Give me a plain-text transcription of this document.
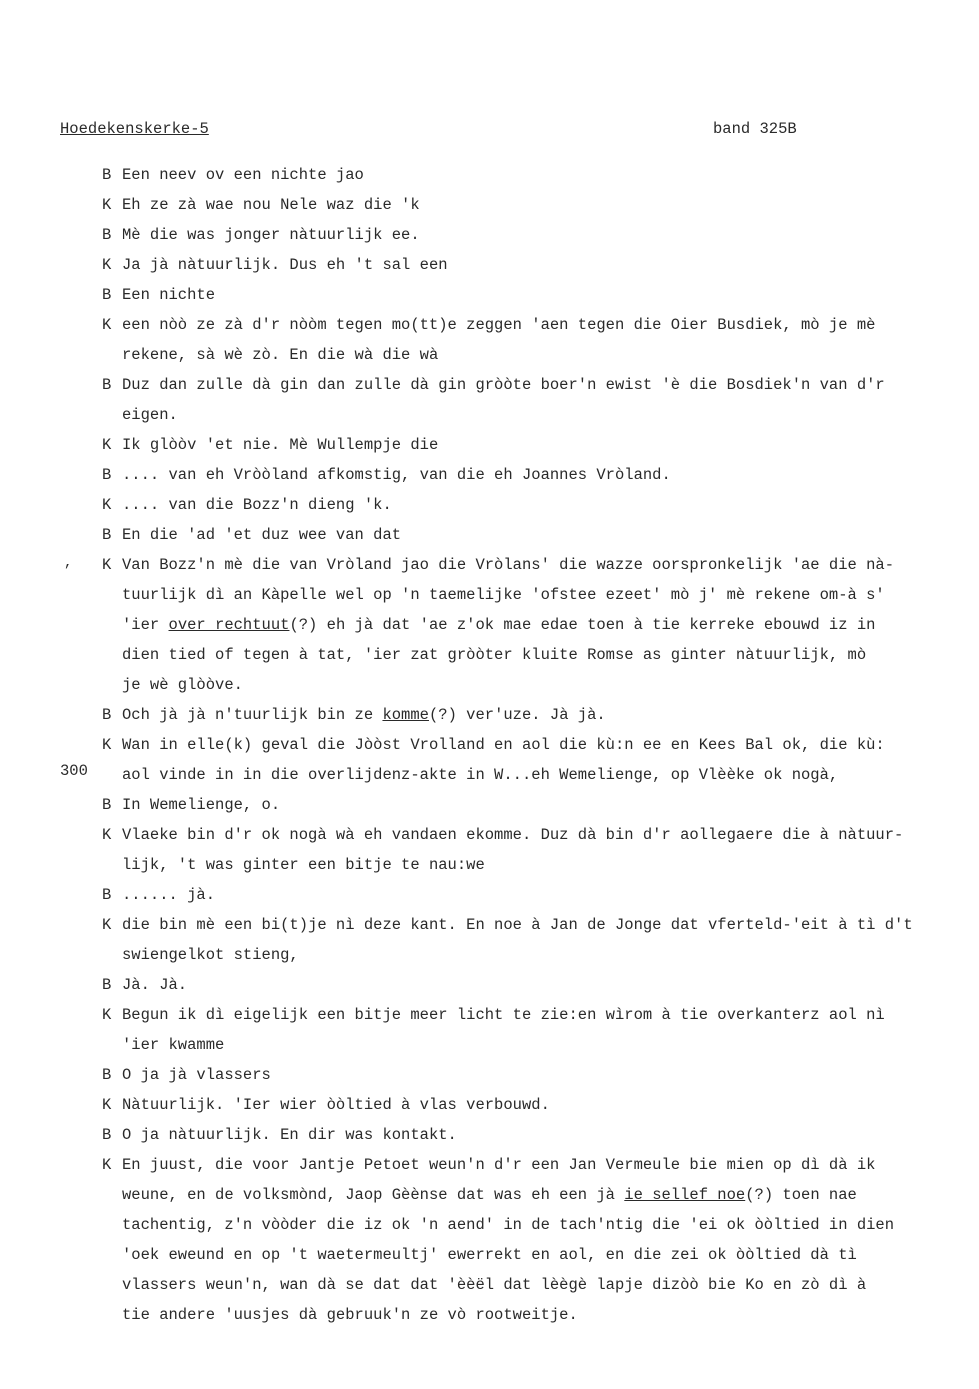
Hoedekenskerke-5	band 325B
,
300
B Een neev ov een nichte jao
K Eh ze zà wae nou Nele waz die 'k
B Mè die was jonger nàtuurlijk ee.
K Ja jà nàtuurlijk. Dus eh 't sal een
B Een nichte
K een nòò ze zà d'r nòòm tegen mo(tt)e zeggen 'aen tegen die Oier Busdiek, mò je mè
rekene, sà wè zò. En die wà die wà
B Duz dan zulle dà gin dan zulle dà gin gròòte boer'n ewist 'è die Bosdiek'n van d'r
eigen.
K Ik glòòv 'et nie. Mè Wullempje die
B .... van eh Vròòland afkomstig, van die eh Joannes Vròland.
K .... van die Bozz'n dieng 'k.
B En die 'ad 'et duz wee van dat
K Van Bozz'n mè die van Vròland jao die Vròlans' die wazze oorspronkelijk 'ae die nà-
tuurlijk dì an Kàpelle wel op 'n taemelijke 'ofstee ezeet' mò j' mè rekene om-à s'
'ier over rechtuut(?) eh jà dat 'ae z'ok mae edae toen à tie kerreke ebouwd iz in
dien tied of tegen à tat, 'ier zat gròòter kluite Romse as ginter nàtuurlijk, mò
je wè glòòve.
B Och jà jà n'tuurlijk bin ze komme(?) ver'uze. Jà jà.
K Wan in elle(k) geval die Jòòst Vrolland en aol die kù:n ee en Kees Bal ok, die kù:
aol vinde in in die overlijdenz-akte in W...eh Wemelienge, op Vlèèke ok nogà,
B In Wemelienge, o.
K Vlaeke bin d'r ok nogà wà eh vandaen ekomme. Duz dà bin d'r aollegaere die à nàtuur-
lijk, 't was ginter een bitje te nau:we
B ...... jà.
K die bin mè een bi(t)je nì deze kant. En noe à Jan de Jonge dat vferteld-'eit à tì d't
swiengelkot stieng,
B Jà. Jà.
K Begun ik dì eigelijk een bitje meer licht te zie:en wìrom à tie overkanterz aol nì
'ier kwamme
B O ja jà vlassers
K Nàtuurlijk. 'Ier wier òòltied à vlas verbouwd.
B O ja nàtuurlijk. En dir was kontakt.
K En juust, die voor Jantje Petoet weun'n d'r een Jan Vermeule bie mien op dì dà ik
weune, en de volksmònd, Jaop Gèènse dat was eh een jà ie sellef noe(?) toen nae
tachentig, z'n vòòder die iz ok 'n aend' in de tach'ntig die 'ei ok òòltied in dien
'oek eweund en op 't waetermeultj' ewerrekt en aol, en die zei ok òòltied dà tì
vlassers weun'n, wan dà se dat dat 'èèël dat lèègè lapje dizòò bie Ko en zò dì à
tie andere 'uusjes dà gebruuk'n ze vò rootweitje.
